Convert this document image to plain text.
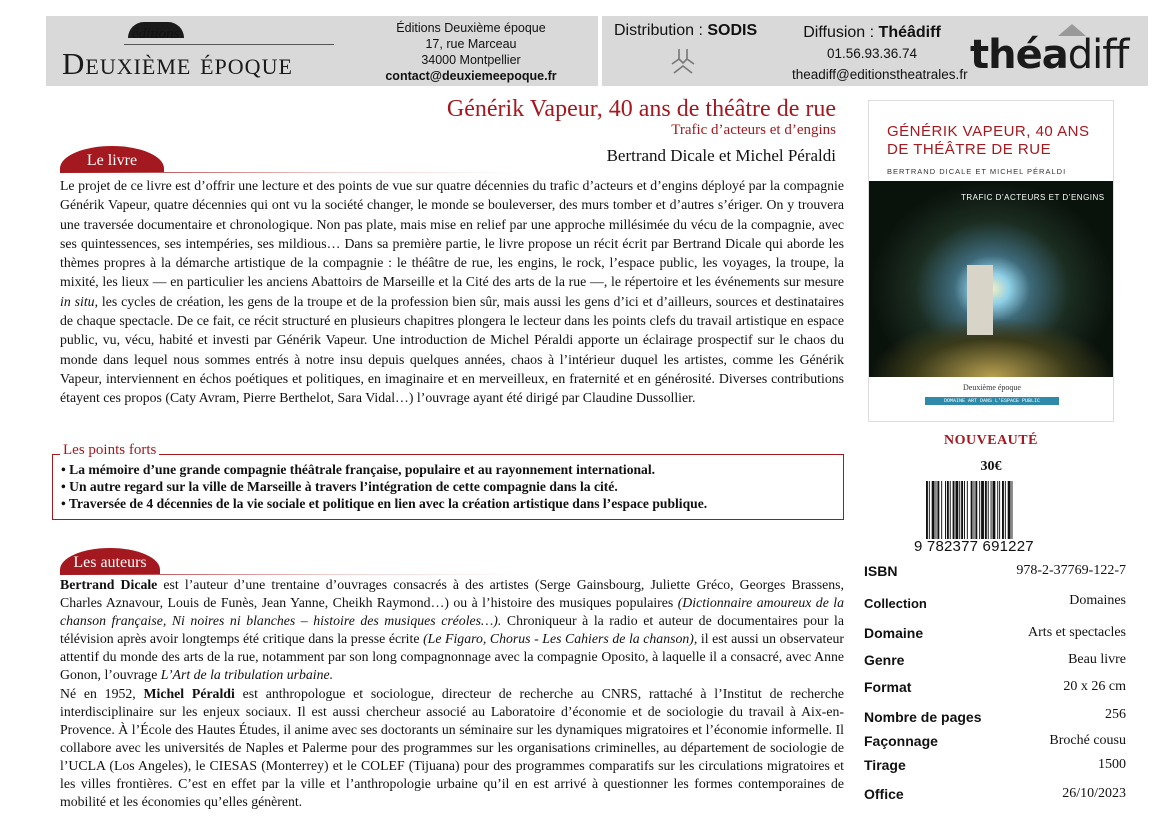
éditions
Deuxième époque
Éditions Deuxième époque
17, rue Marceau
34000 Montpellier
contact@deuxiemeepoque.fr
Distribution : SODIS	Diffusion : Théâdiff
01.56.93.36.74
theadiff@editionstheatrales.fr théadiff
Générik Vapeur, 40 ans de théâtre de rue
Trafic d’acteurs et d’engins
Bertrand Dicale et Michel Péraldi
Le livre
Le projet de ce livre est d’offrir une lecture et des points de vue sur quatre décennies du trafic d’acteurs et d’engins déployé par la compagnie Générik Vapeur, quatre décennies qui ont vu la société changer, le monde se bouleverser, des murs tomber et d’autres s’ériger. On y trouvera une traversée documentaire et chronologique. Non pas plate, mais mise en relief par une approche millésimée du vécu de la compagnie, avec ses quintessences, ses intempéries, ses mildious… Dans sa première partie, le livre propose un récit écrit par Bertrand Dicale qui aborde les thèmes propres à la démarche artistique de la compagnie : le théâtre de rue, les engins, le rock, l’espace public, les voyages, la troupe, la mixité, les lieux — en particulier les anciens Abattoirs de Marseille et la Cité des arts de la rue —, le répertoire et les événements sur mesure in situ, les cycles de création, les gens de la troupe et de la profession bien sûr, mais aussi les gens d’ici et d’ailleurs, sources et destinataires de chaque spectacle. De ce fait, ce récit structuré en plusieurs chapitres plongera le lecteur dans les points clefs du travail artistique en espace public, vu, vécu, habité et investi par Générik Vapeur. Une introduction de Michel Péraldi apporte un éclairage prospectif sur le chaos du monde dans lequel nous sommes entrés à notre insu depuis quelques années, chaos à l’intérieur duquel les artistes, comme les Générik Vapeur, interviennent en échos poétiques et politiques, en imaginaire et en merveilleux, en fraternité et en générosité. Diverses contributions étayent ces propos (Caty Avram, Pierre Berthelot, Sara Vidal…) l’ouvrage ayant été dirigé par Claudine Dussollier.
• La mémoire d’une grande compagnie théâtrale française, populaire et au rayonnement international.
• Un autre regard sur la ville de Marseille à travers l’intégration de cette compagnie dans la cité.
• Traversée de 4 décennies de la vie sociale et politique en lien avec la création artistique dans l’espace publique.
Les points forts
Les auteurs
Bertrand Dicale est l’auteur d’une trentaine d’ouvrages consacrés à des artistes (Serge Gainsbourg, Juliette Gréco, Georges Brassens, Charles Aznavour, Louis de Funès, Jean Yanne, Cheikh Raymond…) ou à l’histoire des musiques populaires (Dictionnaire amoureux de la chanson française, Ni noires ni blanches – histoire des musiques créoles…). Chroniqueur à la radio et auteur de documentaires pour la télévision après avoir longtemps été critique dans la presse écrite (Le Figaro, Chorus - Les Cahiers de la chanson), il est aussi un observateur attentif du monde des arts de la rue, notamment par son long compagnonnage avec la compagnie Oposito, à laquelle il a consacré, avec Anne Gonon, l’ouvrage L’Art de la tribulation urbaine.
Né en 1952, Michel Péraldi est anthropologue et sociologue, directeur de recherche au CNRS, rattaché à l’Institut de recherche interdisciplinaire sur les enjeux sociaux. Il est aussi chercheur associé au Laboratoire d’économie et de sociologie du travail à Aix-en-Provence. À l’École des Hautes Études, il anime avec ses doctorants un séminaire sur les dynamiques migratoires et l’économie informelle. Il collabore avec les universités de Naples et Palerme pour des programmes sur les organisations criminelles, au département de sociologie de l’UCLA (Los Angeles), le CIESAS (Monterrey) et le COLEF (Tijuana) pour des programmes comparatifs sur les circulations migratoires et les villes frontières. C’est en effet par la ville et l’anthropologie urbaine qu’il en est arrivé à questionner les formes contemporaines de mobilité et les économies qu’elles génèrent.
GÉNÉRIK VAPEUR, 40 ANS DE THÉÂTRE DE RUE
BERTRAND DICALE ET MICHEL PÉRALDI
TRAFIC D’ACTEURS ET D’ENGINS
Deuxième époque
DOMAINE ART DANS L’ESPACE PUBLIC
NOUVEAUTÉ
30€
9 782377 691227
ISBN	978-2-37769-122-7
Collection	Domaines
Domaine	Arts et spectacles
Genre	Beau livre
Format	20 x 26 cm
Nombre de pages	256
Façonnage	Broché cousu
Tirage	1500
Office	26/10/2023
